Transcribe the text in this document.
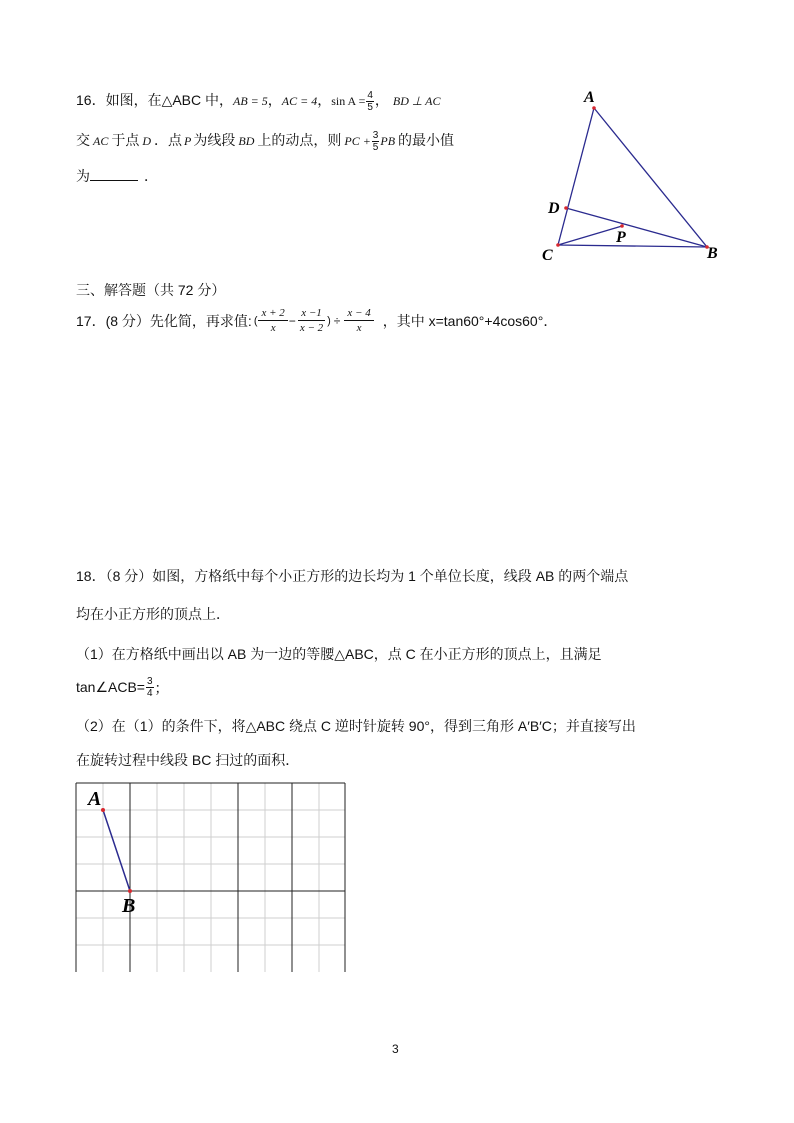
16．如图，在△ABC 中，AB = 5，AC = 4，$\sin A = \frac{4}{5}$ ， BD ⊥ AC
交 AC 于点 D ．点 P 为线段 BD 上的动点，则 PC + $\frac{3}{5}$ PB 的最小值
为	．
A
B
C
D
P
三、解答题（共 72 分）
17．(8 分）先化简，再求值: ( $\frac{x + 2}{x} - \frac{x -1}{x - 2}$ ) ÷ $\frac{x - 4}{x}$ ，其中 x=tan60°+4cos60°．
18．（8 分）如图，方格纸中每个小正方形的边长均为 1 个单位长度，线段 AB 的两个端点
均在小正方形的顶点上．
（1）在方格纸中画出以 AB 为一边的等腰△ABC，点 C 在小正方形的顶点上，且满足
tan∠ACB= $\frac{3}{4}$ ；
（2）在（1）的条件下，将△ABC 绕点 C 逆时针旋转 90°，得到三角形 A′B′C；并直接写出
在旋转过程中线段 BC 扫过的面积．
A
B
3
